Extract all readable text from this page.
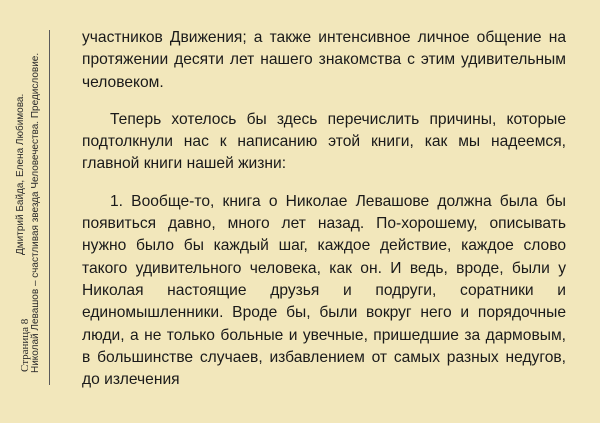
Дмитрий Байда, Елена Любимова. Николай Левашов – счастливая звезда Человечества. Предисловие.
Страница 8

участников Движения; а также интенсивное личное общение на протяжении десяти лет нашего знакомства с этим удивительным человеком.

Теперь хотелось бы здесь перечислить причины, которые подтолкнули нас к написанию этой книги, как мы надеемся, главной книги нашей жизни:

1. Вообще-то, книга о Николае Левашове должна была бы появиться давно, много лет назад. По-хорошему, описывать нужно было бы каждый шаг, каждое действие, каждое слово такого удивительного человека, как он. И ведь, вроде, были у Николая настоящие друзья и подруги, соратники и единомышленники. Вроде бы, были вокруг него и порядочные люди, а не только больные и увечные, пришедшие за дармовым, в большинстве случаев, избавлением от самых разных недугов, до излечения
